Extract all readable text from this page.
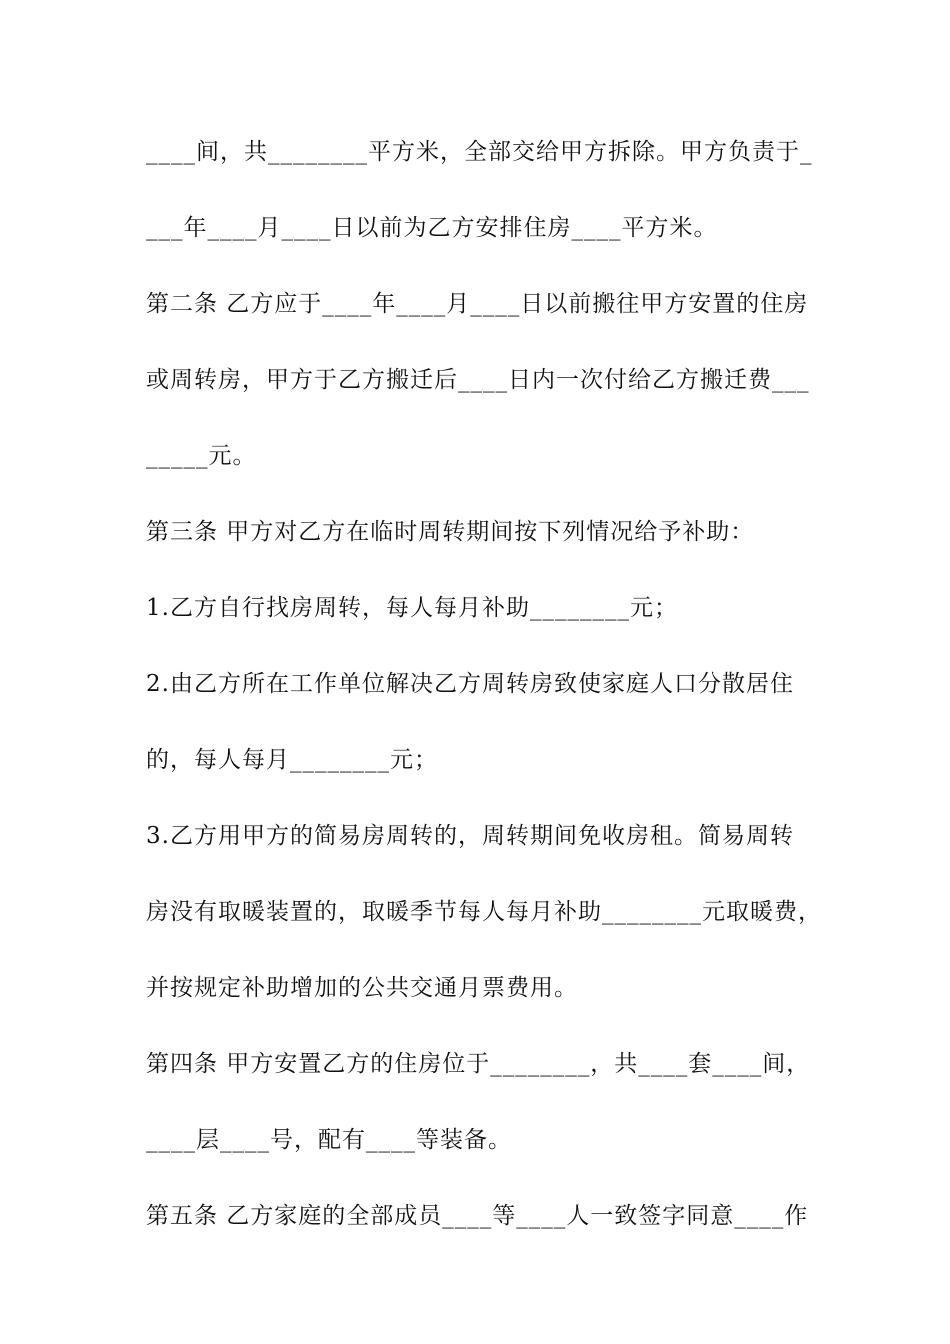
____间，共________平方米，全部交给甲方拆除。甲方负责于_
___年____月____日以前为乙方安排住房____平方米。
第二条 乙方应于____年____月____日以前搬往甲方安置的住房
或周转房，甲方于乙方搬迁后____日内一次付给乙方搬迁费___
_____元。
第三条 甲方对乙方在临时周转期间按下列情况给予补助：
1.乙方自行找房周转，每人每月补助________元；
2.由乙方所在工作单位解决乙方周转房致使家庭人口分散居住
的，每人每月________元；
3.乙方用甲方的简易房周转的，周转期间免收房租。简易周转
房没有取暖装置的，取暖季节每人每月补助________元取暖费，
并按规定补助增加的公共交通月票费用。
第四条 甲方安置乙方的住房位于________，共____套____间，
____层____号，配有____等装备。
第五条 乙方家庭的全部成员____等____人一致签字同意____作
